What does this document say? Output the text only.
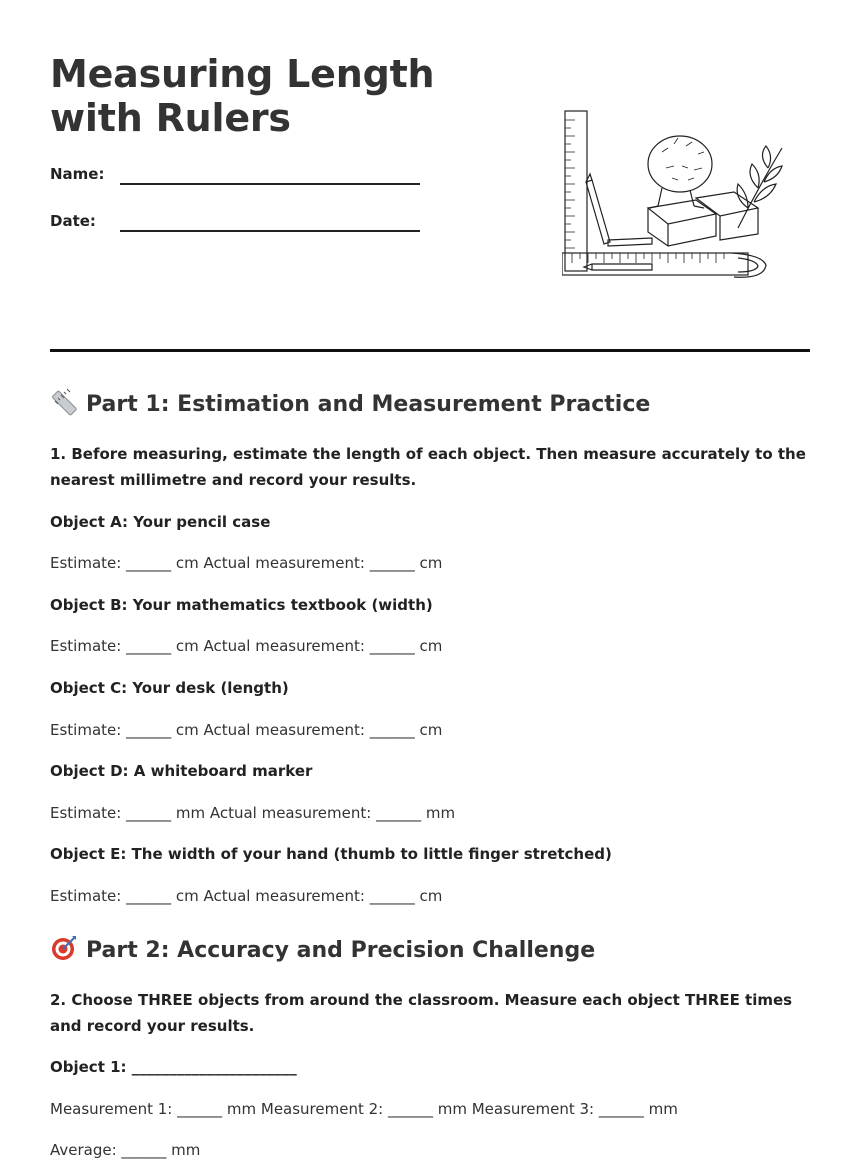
Measuring Length with Rulers
Name:
Date:
Part 1: Estimation and Measurement Practice
1. Before measuring, estimate the length of each object. Then measure accurately to the nearest millimetre and record your results.
Object A: Your pencil case
Estimate: ______ cm Actual measurement: ______ cm
Object B: Your mathematics textbook (width)
Estimate: ______ cm Actual measurement: ______ cm
Object C: Your desk (length)
Estimate: ______ cm Actual measurement: ______ cm
Object D: A whiteboard marker
Estimate: ______ mm Actual measurement: ______ mm
Object E: The width of your hand (thumb to little finger stretched)
Estimate: ______ cm Actual measurement: ______ cm
Part 2: Accuracy and Precision Challenge
2. Choose THREE objects from around the classroom. Measure each object THREE times and record your results.
Object 1: ______________________
Measurement 1: ______ mm Measurement 2: ______ mm Measurement 3: ______ mm
Average: ______ mm
